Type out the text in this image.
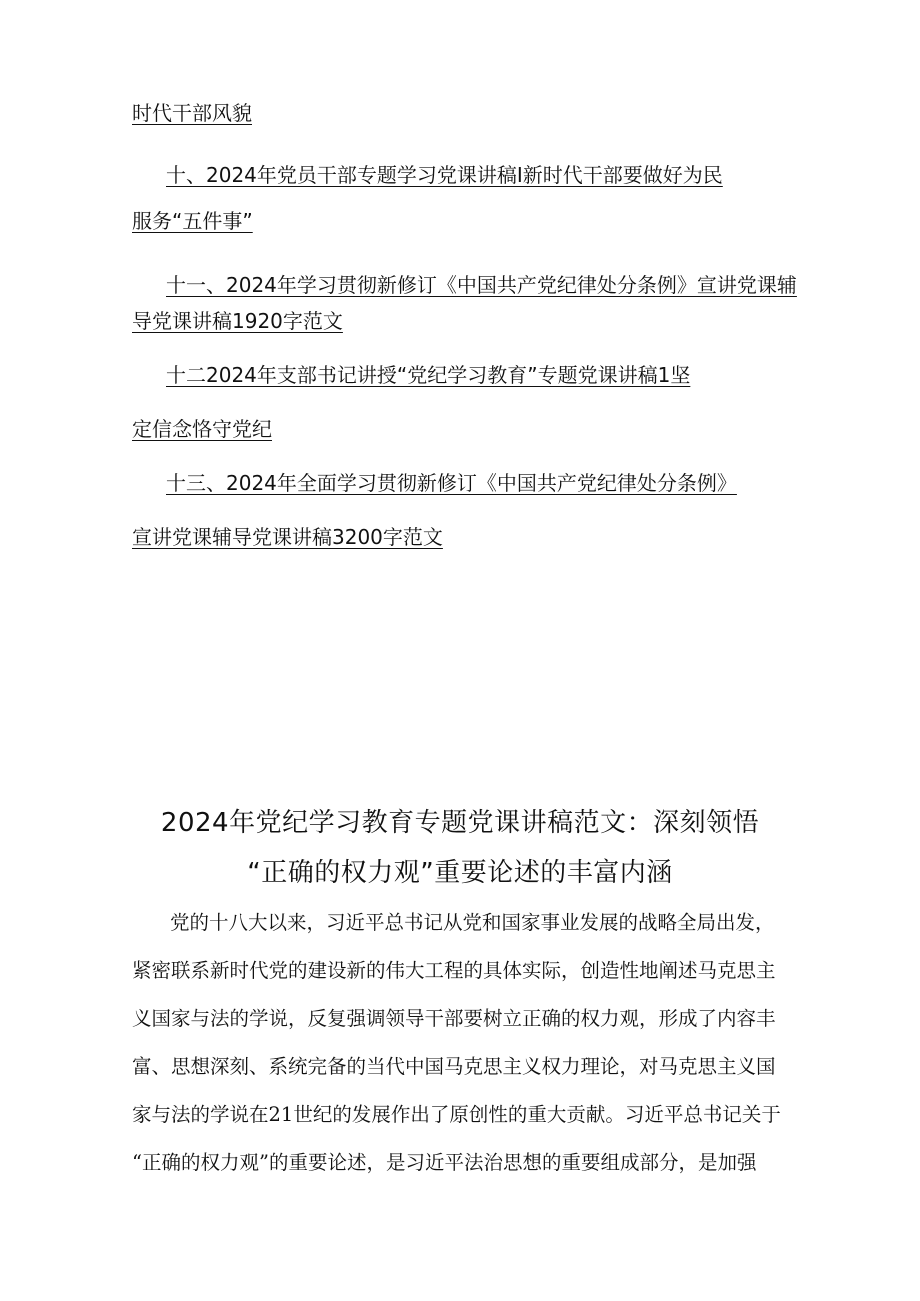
时代干部风貌
十、2024年党员干部专题学习党课讲稿I新时代干部要做好为民
服务“五件事”
十一、2024年学习贯彻新修订《中国共产党纪律处分条例》宣讲党课辅
导党课讲稿1920字范文
十二2024年支部书记讲授“党纪学习教育”专题党课讲稿1坚
定信念恪守党纪
十三、2024年全面学习贯彻新修订《中国共产党纪律处分条例》
宣讲党课辅导党课讲稿3200字范文
2024年党纪学习教育专题党课讲稿范文：深刻领悟
“正确的权力观”重要论述的丰富内涵
党的十八大以来，习近平总书记从党和国家事业发展的战略全局出发，
紧密联系新时代党的建设新的伟大工程的具体实际，创造性地阐述马克思主
义国家与法的学说，反复强调领导干部要树立正确的权力观，形成了内容丰
富、思想深刻、系统完备的当代中国马克思主义权力理论，对马克思主义国
家与法的学说在21世纪的发展作出了原创性的重大贡献。习近平总书记关于
“正确的权力观”的重要论述，是习近平法治思想的重要组成部分，是加强
